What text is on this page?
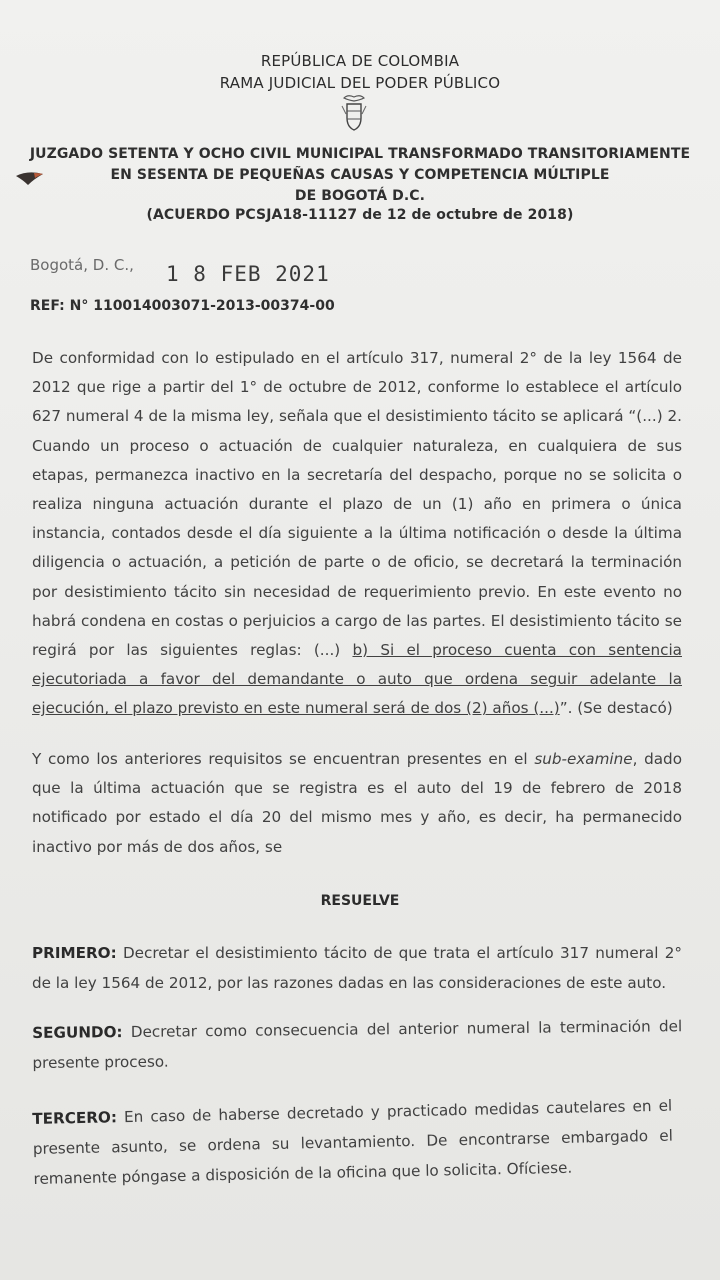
REPÚBLICA DE COLOMBIA
RAMA JUDICIAL DEL PODER PÚBLICO
JUZGADO SETENTA Y OCHO CIVIL MUNICIPAL TRANSFORMADO TRANSITORIAMENTE
EN SESENTA DE PEQUEÑAS CAUSAS Y COMPETENCIA MÚLTIPLE
DE BOGOTÁ D.C.
(ACUERDO PCSJA18-11127 de 12 de octubre de 2018)
Bogotá, D. C., 1 8 FEB 2021
REF: N° 110014003071-2013-00374-00
De conformidad con lo estipulado en el artículo 317, numeral 2° de la ley 1564 de 2012 que rige a partir del 1° de octubre de 2012, conforme lo establece el artículo 627 numeral 4 de la misma ley, señala que el desistimiento tácito se aplicará “(...) 2. Cuando un proceso o actuación de cualquier naturaleza, en cualquiera de sus etapas, permanezca inactivo en la secretaría del despacho, porque no se solicita o realiza ninguna actuación durante el plazo de un (1) año en primera o única instancia, contados desde el día siguiente a la última notificación o desde la última diligencia o actuación, a petición de parte o de oficio, se decretará la terminación por desistimiento tácito sin necesidad de requerimiento previo. En este evento no habrá condena en costas o perjuicios a cargo de las partes. El desistimiento tácito se regirá por las siguientes reglas: (...) b) Si el proceso cuenta con sentencia ejecutoriada a favor del demandante o auto que ordena seguir adelante la ejecución, el plazo previsto en este numeral será de dos (2) años (...)”. (Se destacó)
Y como los anteriores requisitos se encuentran presentes en el sub-examine, dado que la última actuación que se registra es el auto del 19 de febrero de 2018 notificado por estado el día 20 del mismo mes y año, es decir, ha permanecido inactivo por más de dos años, se
RESUELVE
PRIMERO: Decretar el desistimiento tácito de que trata el artículo 317 numeral 2° de la ley 1564 de 2012, por las razones dadas en las consideraciones de este auto.
SEGUNDO: Decretar como consecuencia del anterior numeral la terminación del presente proceso.
TERCERO: En caso de haberse decretado y practicado medidas cautelares en el presente asunto, se ordena su levantamiento. De encontrarse embargado el remanente póngase a disposición de la oficina que lo solicita. Ofíciese.
